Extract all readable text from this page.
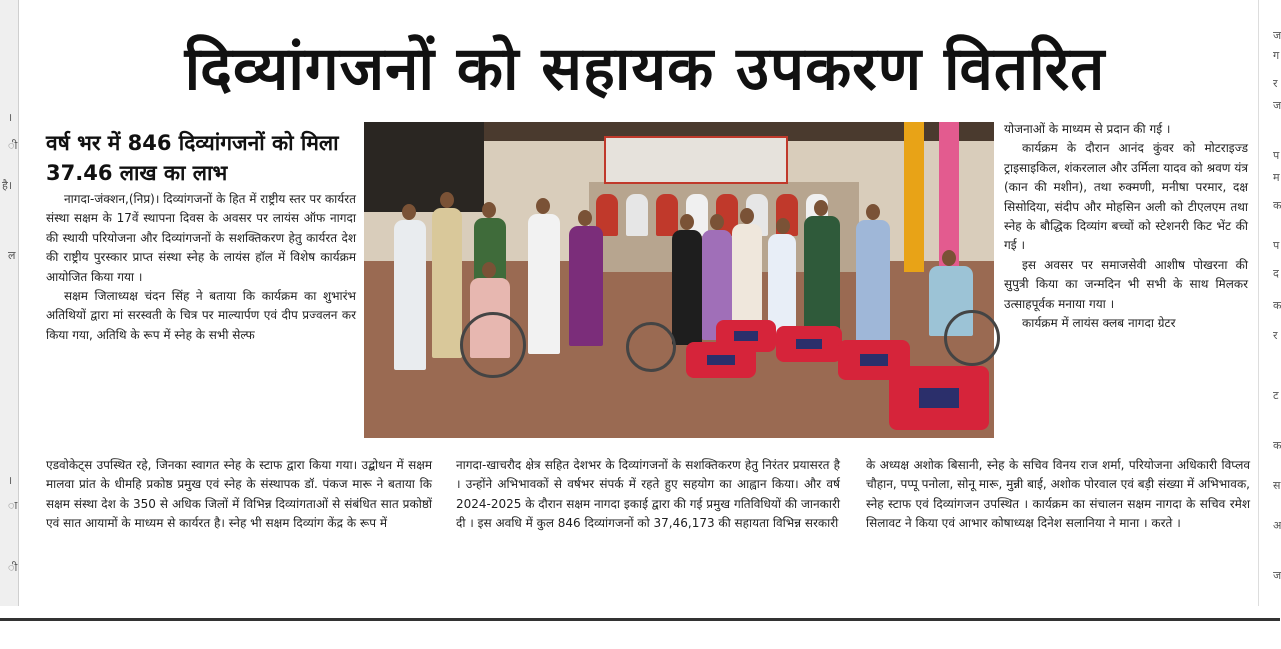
।
ी
है।
ल
।
ा
ी
ज
ग
र
ज
प
म
क
प
द
क
र
ट
क
स
अ
ज
दिव्यांगजनों को सहायक उपकरण वितरित
वर्ष भर में 846 दिव्यांगजनों को मिला 37.46 लाख का लाभ

नागदा-जंक्शन,(निप्र)। दिव्यांगजनों के हित में राष्ट्रीय स्तर पर कार्यरत संस्था सक्षम के 17वें स्थापना दिवस के अवसर पर लायंस ऑफ नागदा की स्थायी परियोजना और दिव्यांगजनों के सशक्तिकरण हेतु कार्यरत देश की राष्ट्रीय पुरस्कार प्राप्त संस्था स्नेह के लायंस हॉल में विशेष कार्यक्रम आयोजित किया गया ।

सक्षम जिलाध्यक्ष चंदन सिंह ने बताया कि कार्यक्रम का शुभारंभ अतिथियों द्वारा मां सरस्वती के चित्र पर माल्यार्पण एवं दीप प्रज्वलन कर किया गया, अतिथि के रूप में स्नेह के सभी सेल्फ

एडवोकेट्स उपस्थित रहे, जिनका स्वागत स्नेह के स्टाफ द्वारा किया गया। उद्बोधन में सक्षम मालवा प्रांत के धीमहि प्रकोष्ठ प्रमुख एवं स्नेह के संस्थापक डॉ. पंकज मारू ने बताया कि सक्षम संस्था देश के 350 से अधिक जिलों में विभिन्न दिव्यांगताओं से संबंधित सात प्रकोष्ठों एवं सात आयामों के माध्यम से कार्यरत है। स्नेह भी सक्षम दिव्यांग केंद्र के रूप में

नागदा-खाचरौद क्षेत्र सहित देशभर के दिव्यांगजनों के सशक्तिकरण हेतु निरंतर प्रयासरत है । उन्होंने अभिभावकों से वर्षभर संपर्क में रहते हुए सहयोग का आह्वान किया। और वर्ष 2024-2025 के दौरान सक्षम नागदा इकाई द्वारा की गई प्रमुख गतिविधियों की जानकारी दी । इस अवधि में कुल 846 दिव्यांगजनों को 37,46,173 की सहायता विभिन्न सरकारी

योजनाओं के माध्यम से प्रदान की गई ।

कार्यक्रम के दौरान आनंद कुंवर को मोटराइज्ड ट्राइसाइकिल, शंकरलाल और उर्मिला यादव को श्रवण यंत्र (कान की मशीन), तथा रुक्मणी, मनीषा परमार, दक्ष सिसोदिया, संदीप और मोहसिन अली को टीएलएम तथा स्नेह के बौद्धिक दिव्यांग बच्चों को स्टेशनरी किट भेंट की गई ।

इस अवसर पर समाजसेवी आशीष पोखरना की सुपुत्री किया का जन्मदिन भी सभी के साथ मिलकर उत्साहपूर्वक मनाया गया ।

कार्यक्रम में लायंस क्लब नागदा ग्रेटर

के अध्यक्ष अशोक बिसानी, स्नेह के सचिव विनय राज शर्मा, परियोजना अधिकारी विप्लव चौहान, पप्पू पनोला, सोनू मारू, मुन्नी बाई, अशोक पोरवाल एवं बड़ी संख्या में अभिभावक, स्नेह स्टाफ एवं दिव्यांगजन उपस्थित । कार्यक्रम का संचालन सक्षम नागदा के सचिव रमेश सिलावट ने किया एवं आभार कोषाध्यक्ष दिनेश सलानिया ने माना । करते ।
